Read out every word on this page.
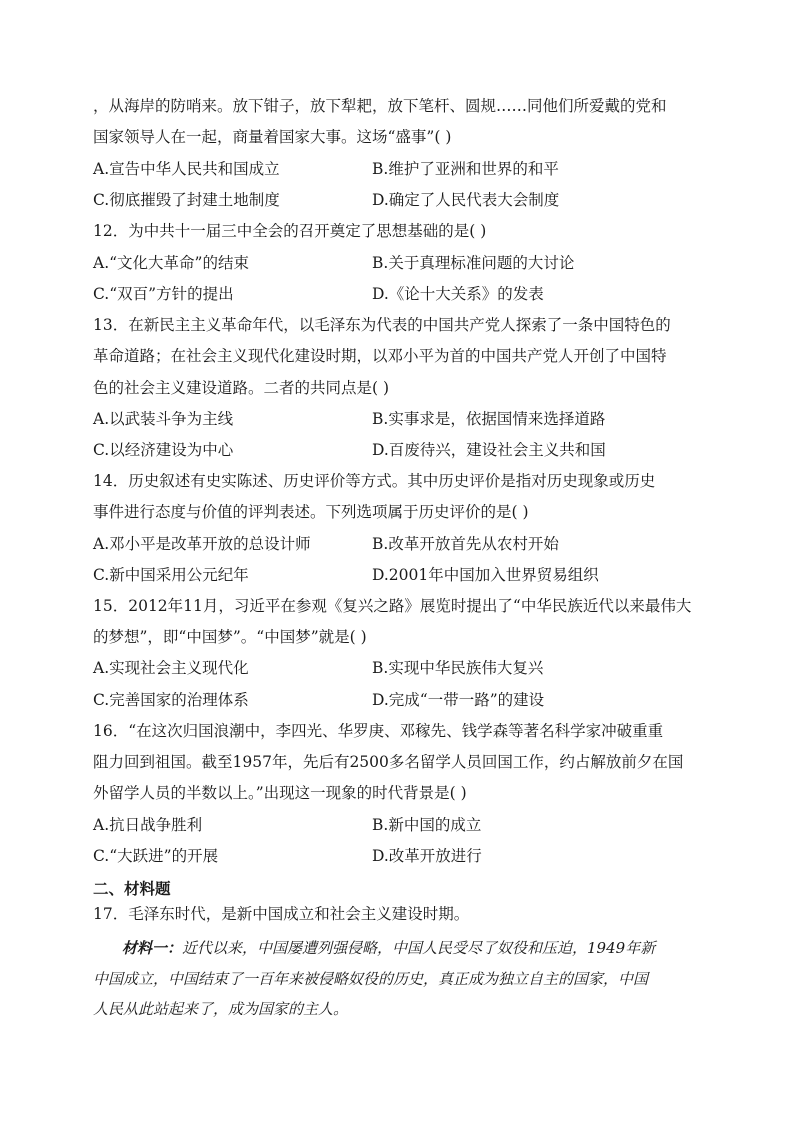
，从海岸的防哨来。放下钳子，放下犁耙，放下笔杆、圆规……同他们所爱戴的党和
国家领导人在一起，商量着国家大事。这场“盛事”( )
A.宣告中华人民共和国成立	B.维护了亚洲和世界的和平
C.彻底摧毁了封建土地制度	D.确定了人民代表大会制度
12．为中共十一届三中全会的召开奠定了思想基础的是( )
A.“文化大革命”的结束	B.关于真理标准问题的大讨论
C.“双百”方针的提出	D.《论十大关系》的发表
13．在新民主主义革命年代，以毛泽东为代表的中国共产党人探索了一条中国特色的
革命道路；在社会主义现代化建设时期，以邓小平为首的中国共产党人开创了中国特
色的社会主义建设道路。二者的共同点是( )
A.以武装斗争为主线	B.实事求是，依据国情来选择道路
C.以经济建设为中心	D.百废待兴，建设社会主义共和国
14．历史叙述有史实陈述、历史评价等方式。其中历史评价是指对历史现象或历史
事件进行态度与价值的评判表述。下列选项属于历史评价的是( )
A.邓小平是改革开放的总设计师	B.改革开放首先从农村开始
C.新中国采用公元纪年	D.2001年中国加入世界贸易组织
15．2012年11月，习近平在参观《复兴之路》展览时提出了“中华民族近代以来最伟大
的梦想”，即“中国梦”。“中国梦”就是( )
A.实现社会主义现代化	B.实现中华民族伟大复兴
C.完善国家的治理体系	D.完成“一带一路”的建设
16．“在这次归国浪潮中，李四光、华罗庚、邓稼先、钱学森等著名科学家冲破重重
阻力回到祖国。截至1957年，先后有2500多名留学人员回国工作，约占解放前夕在国
外留学人员的半数以上。”出现这一现象的时代背景是( )
A.抗日战争胜利	B.新中国的成立
C.“大跃进”的开展	D.改革开放进行
二、材料题
17．毛泽东时代，是新中国成立和社会主义建设时期。
材料一：近代以来，中国屡遭列强侵略，中国人民受尽了奴役和压迫，1949年新
中国成立，中国结束了一百年来被侵略奴役的历史，真正成为独立自主的国家，中国
人民从此站起来了，成为国家的主人。
